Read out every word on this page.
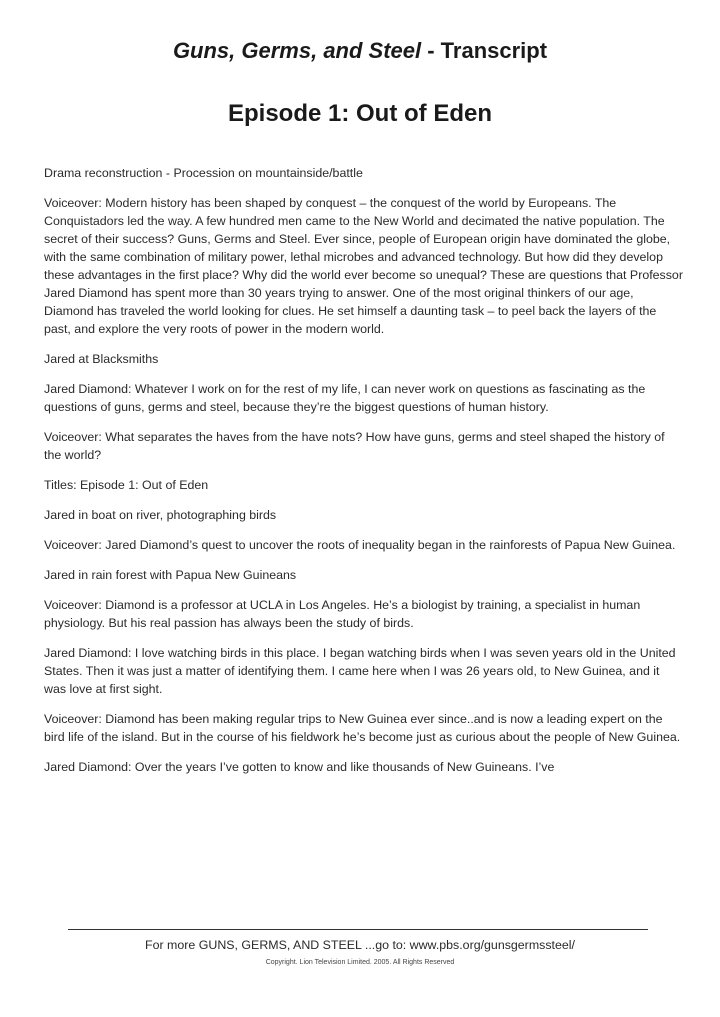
Guns, Germs, and Steel - Transcript

Episode 1: Out of Eden

Drama reconstruction - Procession on mountainside/battle

Voiceover: Modern history has been shaped by conquest – the conquest of the world by Europeans. The Conquistadors led the way. A few hundred men came to the New World and decimated the native population. The secret of their success? Guns, Germs and Steel. Ever since, people of European origin have dominated the globe, with the same combination of military power, lethal microbes and advanced technology. But how did they develop these advantages in the first place? Why did the world ever become so unequal? These are questions that Professor Jared Diamond has spent more than 30 years trying to answer. One of the most original thinkers of our age, Diamond has traveled the world looking for clues. He set himself a daunting task – to peel back the layers of the past, and explore the very roots of power in the modern world.

Jared at Blacksmiths

Jared Diamond: Whatever I work on for the rest of my life, I can never work on questions as fascinating as the questions of guns, germs and steel, because they’re the biggest questions of human history.

Voiceover: What separates the haves from the have nots? How have guns, germs and steel shaped the history of the world?

Titles: Episode 1: Out of Eden

Jared in boat on river, photographing birds

Voiceover: Jared Diamond’s quest to uncover the roots of inequality began in the rainforests of Papua New Guinea.

Jared in rain forest with Papua New Guineans

Voiceover: Diamond is a professor at UCLA in Los Angeles. He’s a biologist by training, a specialist in human physiology. But his real passion has always been the study of birds.

Jared Diamond: I love watching birds in this place. I began watching birds when I was seven years old in the United States. Then it was just a matter of identifying them. I came here when I was 26 years old, to New Guinea, and it was love at first sight.

Voiceover: Diamond has been making regular trips to New Guinea ever since..and is now a leading expert on the bird life of the island. But in the course of his fieldwork he’s become just as curious about the people of New Guinea.

Jared Diamond: Over the years I’ve gotten to know and like thousands of New Guineans. I’ve

For more GUNS, GERMS, AND STEEL ...go to: www.pbs.org/gunsgermssteel/
Copyright. Lion Television Limited. 2005. All Rights Reserved
